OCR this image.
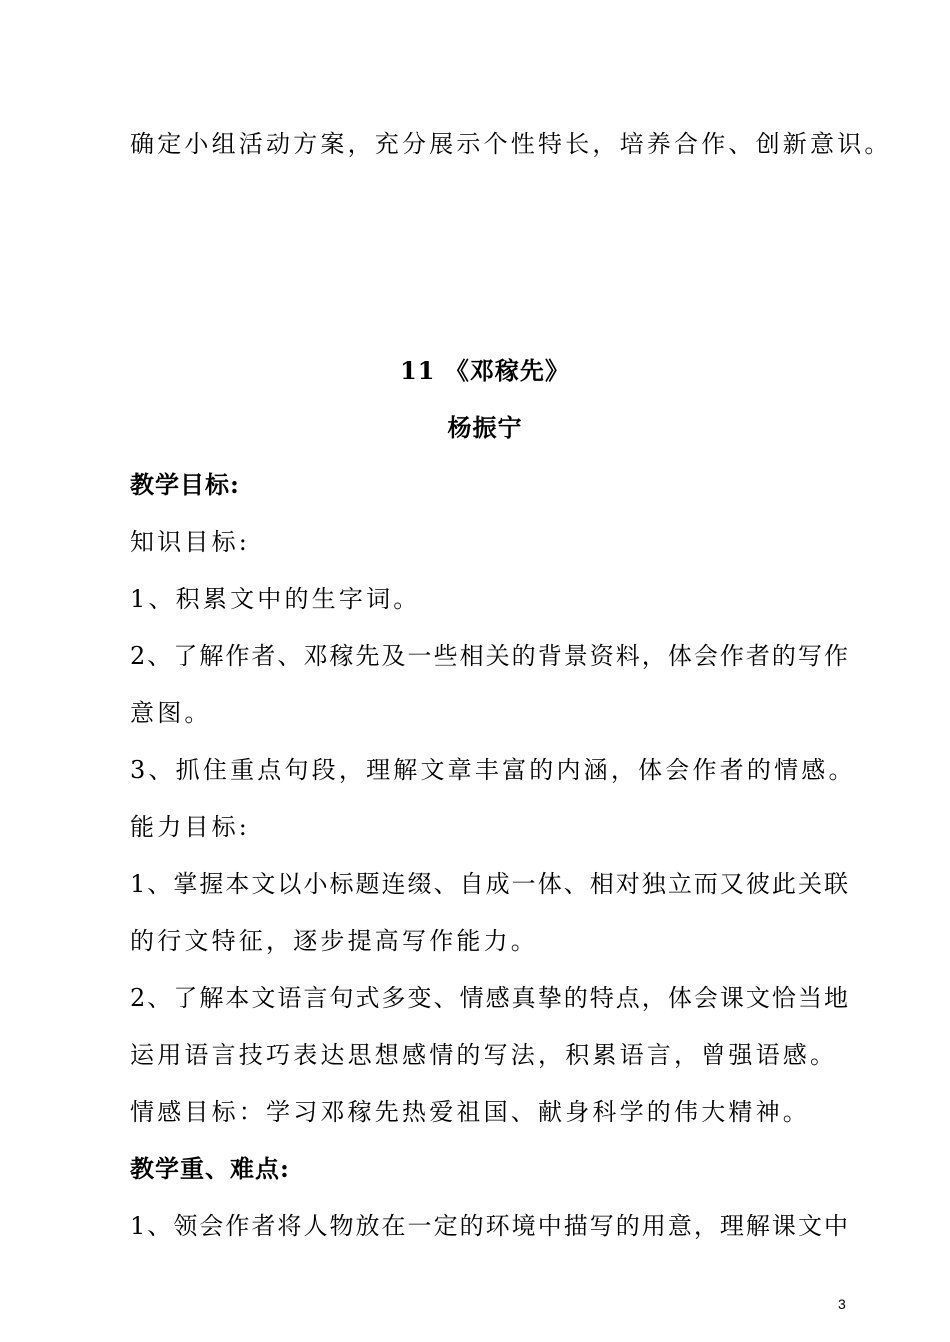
确定小组活动方案，充分展示个性特长，培养合作、创新意识。
11 《邓稼先》
杨振宁
教学目标:
知识目标:
1、积累文中的生字词。
2、了解作者、邓稼先及一些相关的背景资料，体会作者的写作
意图。
3、抓住重点句段，理解文章丰富的内涵，体会作者的情感。
能力目标:
1、掌握本文以小标题连缀、自成一体、相对独立而又彼此关联
的行文特征，逐步提高写作能力。
2、了解本文语言句式多变、情感真挚的特点，体会课文恰当地
运用语言技巧表达思想感情的写法，积累语言，曾强语感。
情感目标：学习邓稼先热爱祖国、献身科学的伟大精神。
教学重、难点:
1、领会作者将人物放在一定的环境中描写的用意，理解课文中
3
